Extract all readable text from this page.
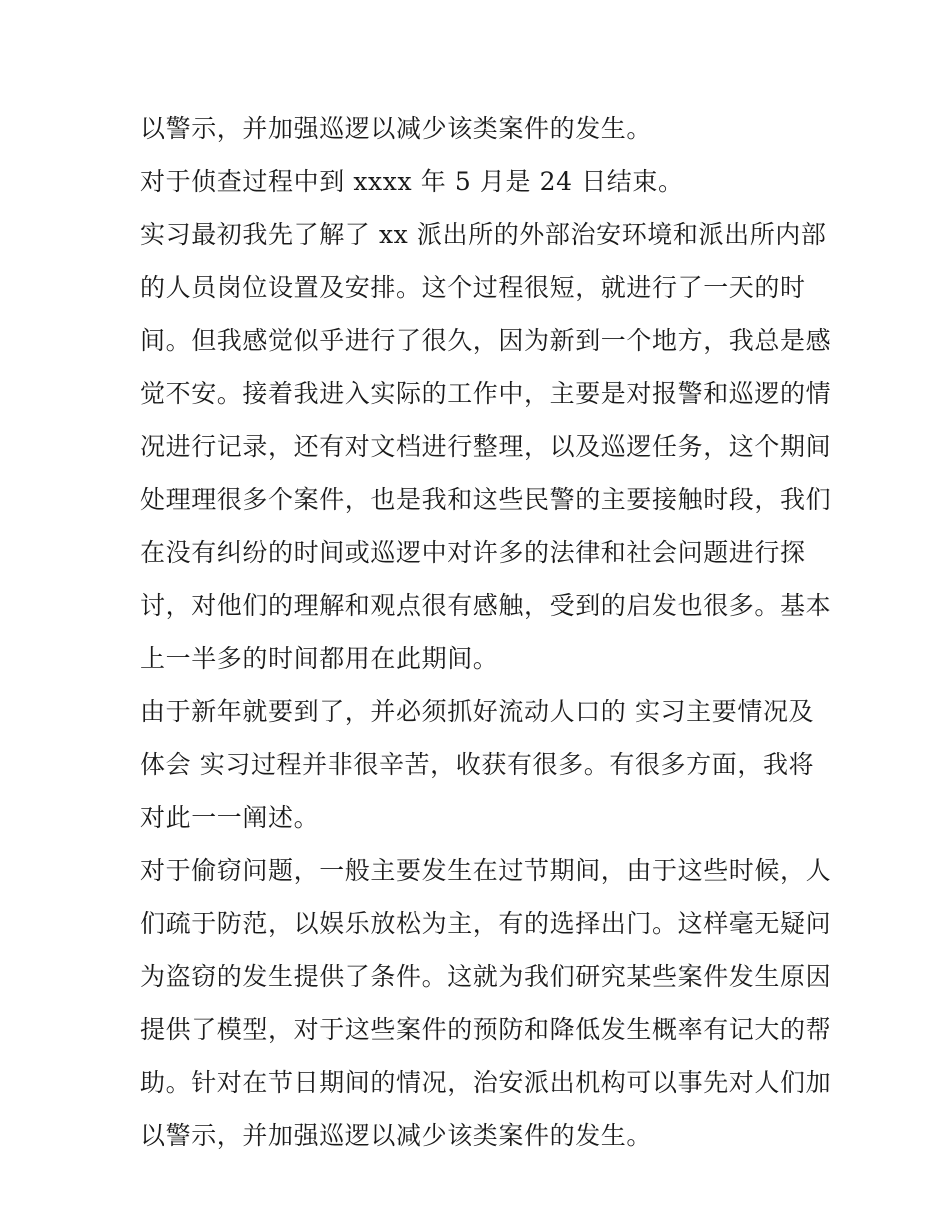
以警示，并加强巡逻以减少该类案件的发生。

对于侦查过程中到 xxxx 年 5 月是 24 日结束。

实习最初我先了解了 xx 派出所的外部治安环境和派出所内部

的人员岗位设置及安排。这个过程很短，就进行了一天的时

间。但我感觉似乎进行了很久，因为新到一个地方，我总是感

觉不安。接着我进入实际的工作中，主要是对报警和巡逻的情

况进行记录，还有对文档进行整理，以及巡逻任务，这个期间

处理理很多个案件，也是我和这些民警的主要接触时段，我们

在没有纠纷的时间或巡逻中对许多的法律和社会问题进行探

讨，对他们的理解和观点很有感触，受到的启发也很多。基本

上一半多的时间都用在此期间。

由于新年就要到了，并必须抓好流动人口的 实习主要情况及

体会 实习过程并非很辛苦，收获有很多。有很多方面，我将

对此一一阐述。

对于偷窃问题，一般主要发生在过节期间，由于这些时候，人

们疏于防范，以娱乐放松为主，有的选择出门。这样毫无疑问

为盗窃的发生提供了条件。这就为我们研究某些案件发生原因

提供了模型，对于这些案件的预防和降低发生概率有记大的帮

助。针对在节日期间的情况，治安派出机构可以事先对人们加

以警示，并加强巡逻以减少该类案件的发生。
